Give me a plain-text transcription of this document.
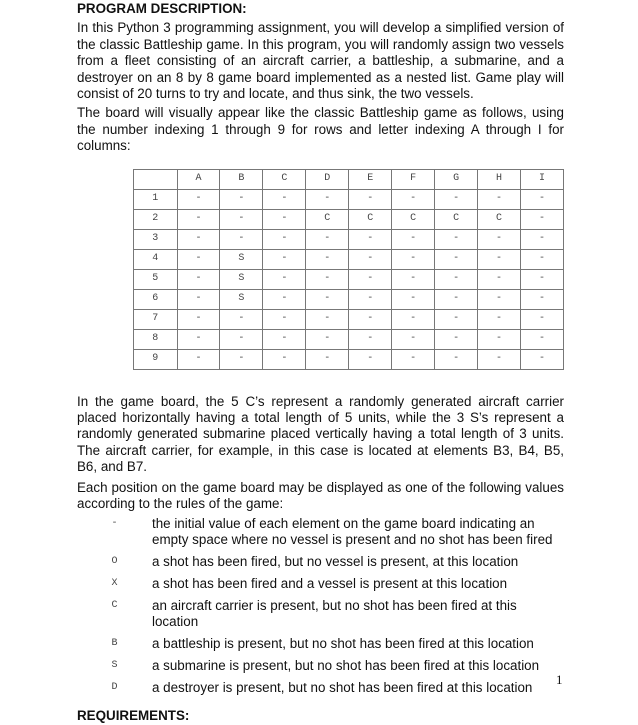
PROGRAM DESCRIPTION:
In this Python 3 programming assignment, you will develop a simplified version of the classic Battleship game. In this program, you will randomly assign two vessels from a fleet consisting of an aircraft carrier, a battleship, a submarine, and a destroyer on an 8 by 8 game board implemented as a nested list. Game play will consist of 20 turns to try and locate, and thus sink, the two vessels.
The board will visually appear like the classic Battleship game as follows, using the number indexing 1 through 9 for rows and letter indexing A through I for columns:
	A	B	C	D	E	F	G	H	I
1	-	-	-	-	-	-	-	-	-
2	-	-	-	C	C	C	C	C	-
3	-	-	-	-	-	-	-	-	-
4	-	S	-	-	-	-	-	-	-
5	-	S	-	-	-	-	-	-	-
6	-	S	-	-	-	-	-	-	-
7	-	-	-	-	-	-	-	-	-
8	-	-	-	-	-	-	-	-	-
9	-	-	-	-	-	-	-	-	-
In the game board, the 5 C’s represent a randomly generated aircraft carrier placed horizontally having a total length of 5 units, while the 3 S’s represent a randomly generated submarine placed vertically having a total length of 3 units. The aircraft carrier, for example, in this case is located at elements B3, B4, B5, B6, and B7.
Each position on the game board may be displayed as one of the following values according to the rules of the game:
-	the initial value of each element on the game board indicating an empty space where no vessel is present and no shot has been fired
O	a shot has been fired, but no vessel is present, at this location
X	a shot has been fired and a vessel is present at this location
C	an aircraft carrier is present, but no shot has been fired at this location
B	a battleship is present, but no shot has been fired at this location
S	a submarine is present, but no shot has been fired at this location
D	a destroyer is present, but no shot has been fired at this location
REQUIREMENTS:
1
